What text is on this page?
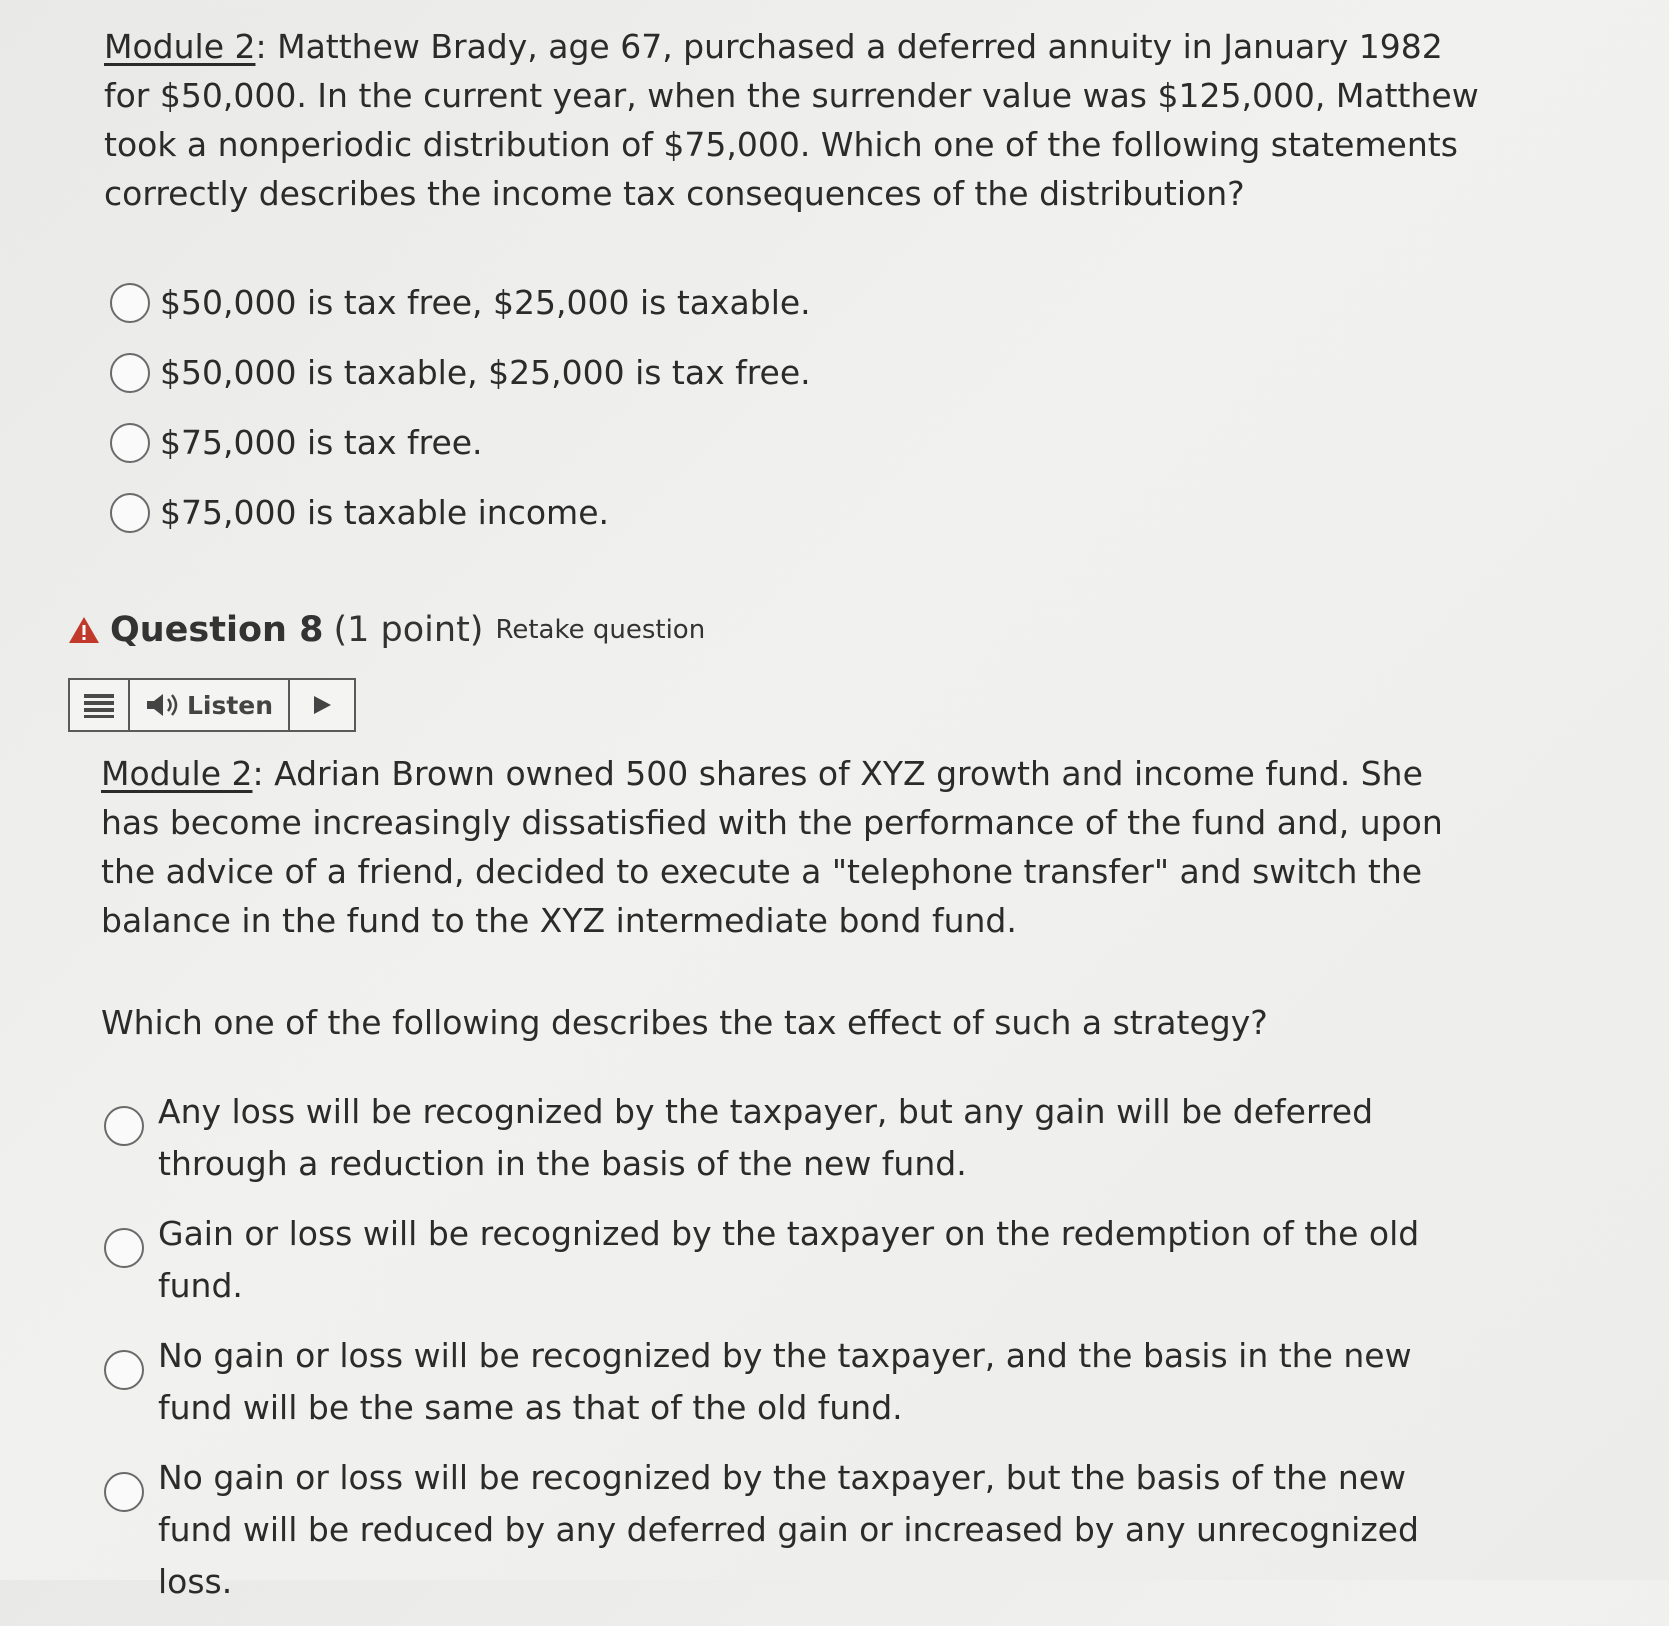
Module 2: Matthew Brady, age 67, purchased a deferred annuity in January 1982 for $50,000. In the current year, when the surrender value was $125,000, Matthew took a nonperiodic distribution of $75,000. Which one of the following statements correctly describes the income tax consequences of the distribution?

$50,000 is tax free, $25,000 is taxable.
$50,000 is taxable, $25,000 is tax free.
$75,000 is tax free.
$75,000 is taxable income.
Question 8 (1 point) Retake question
Listen

Module 2: Adrian Brown owned 500 shares of XYZ growth and income fund. She has become increasingly dissatisfied with the performance of the fund and, upon the advice of a friend, decided to execute a "telephone transfer" and switch the balance in the fund to the XYZ intermediate bond fund.

Which one of the following describes the tax effect of such a strategy?

Any loss will be recognized by the taxpayer, but any gain will be deferred through a reduction in the basis of the new fund.
Gain or loss will be recognized by the taxpayer on the redemption of the old fund.
No gain or loss will be recognized by the taxpayer, and the basis in the new fund will be the same as that of the old fund.
No gain or loss will be recognized by the taxpayer, but the basis of the new fund will be reduced by any deferred gain or increased by any unrecognized loss.
